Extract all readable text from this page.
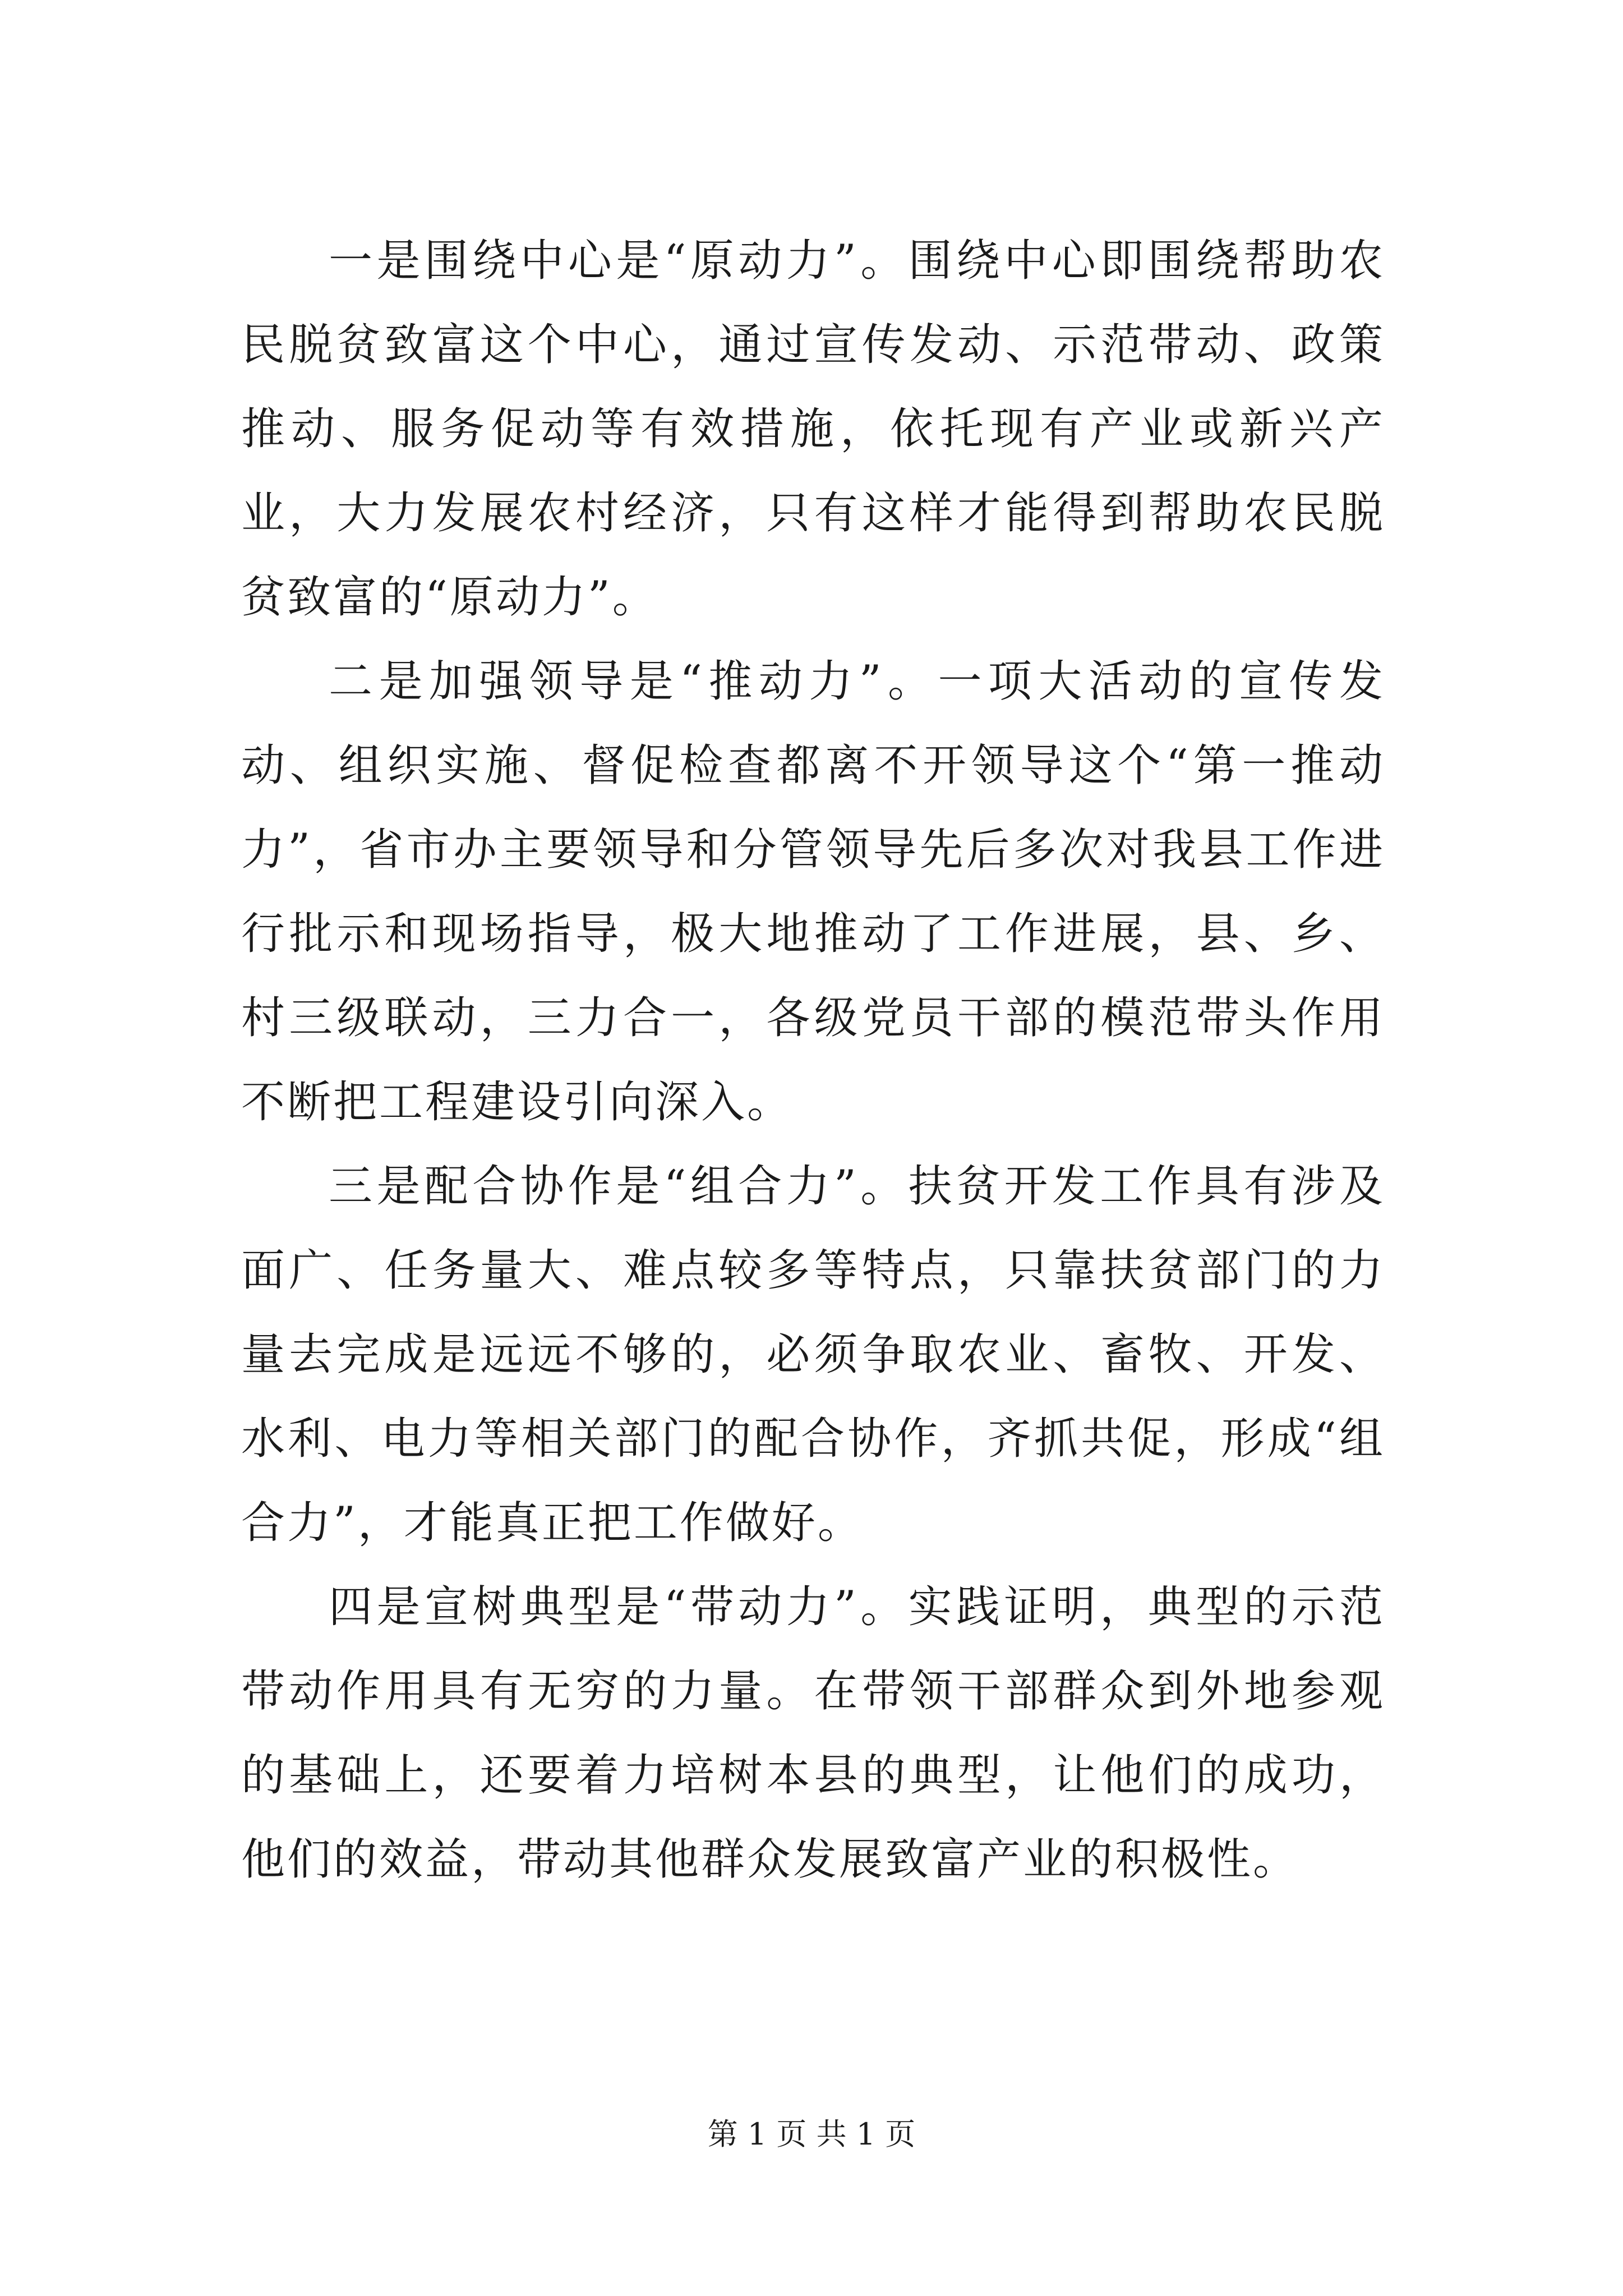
一是围绕中心是“原动力”。围绕中心即围绕帮助农民脱贫致富这个中心，通过宣传发动、示范带动、政策推动、服务促动等有效措施，依托现有产业或新兴产业，大力发展农村经济，只有这样才能得到帮助农民脱贫致富的“原动力”。

二是加强领导是“推动力”。一项大活动的宣传发动、组织实施、督促检查都离不开领导这个“第一推动力”，省市办主要领导和分管领导先后多次对我县工作进行批示和现场指导，极大地推动了工作进展，县、乡、村三级联动，三力合一，各级党员干部的模范带头作用不断把工程建设引向深入。

三是配合协作是“组合力”。扶贫开发工作具有涉及面广、任务量大、难点较多等特点，只靠扶贫部门的力量去完成是远远不够的，必须争取农业、畜牧、开发、水利、电力等相关部门的配合协作，齐抓共促，形成“组合力”，才能真正把工作做好。

四是宣树典型是“带动力”。实践证明，典型的示范带动作用具有无穷的力量。在带领干部群众到外地参观的基础上，还要着力培树本县的典型，让他们的成功，他们的效益，带动其他群众发展致富产业的积极性。

第 1 页 共 1 页
